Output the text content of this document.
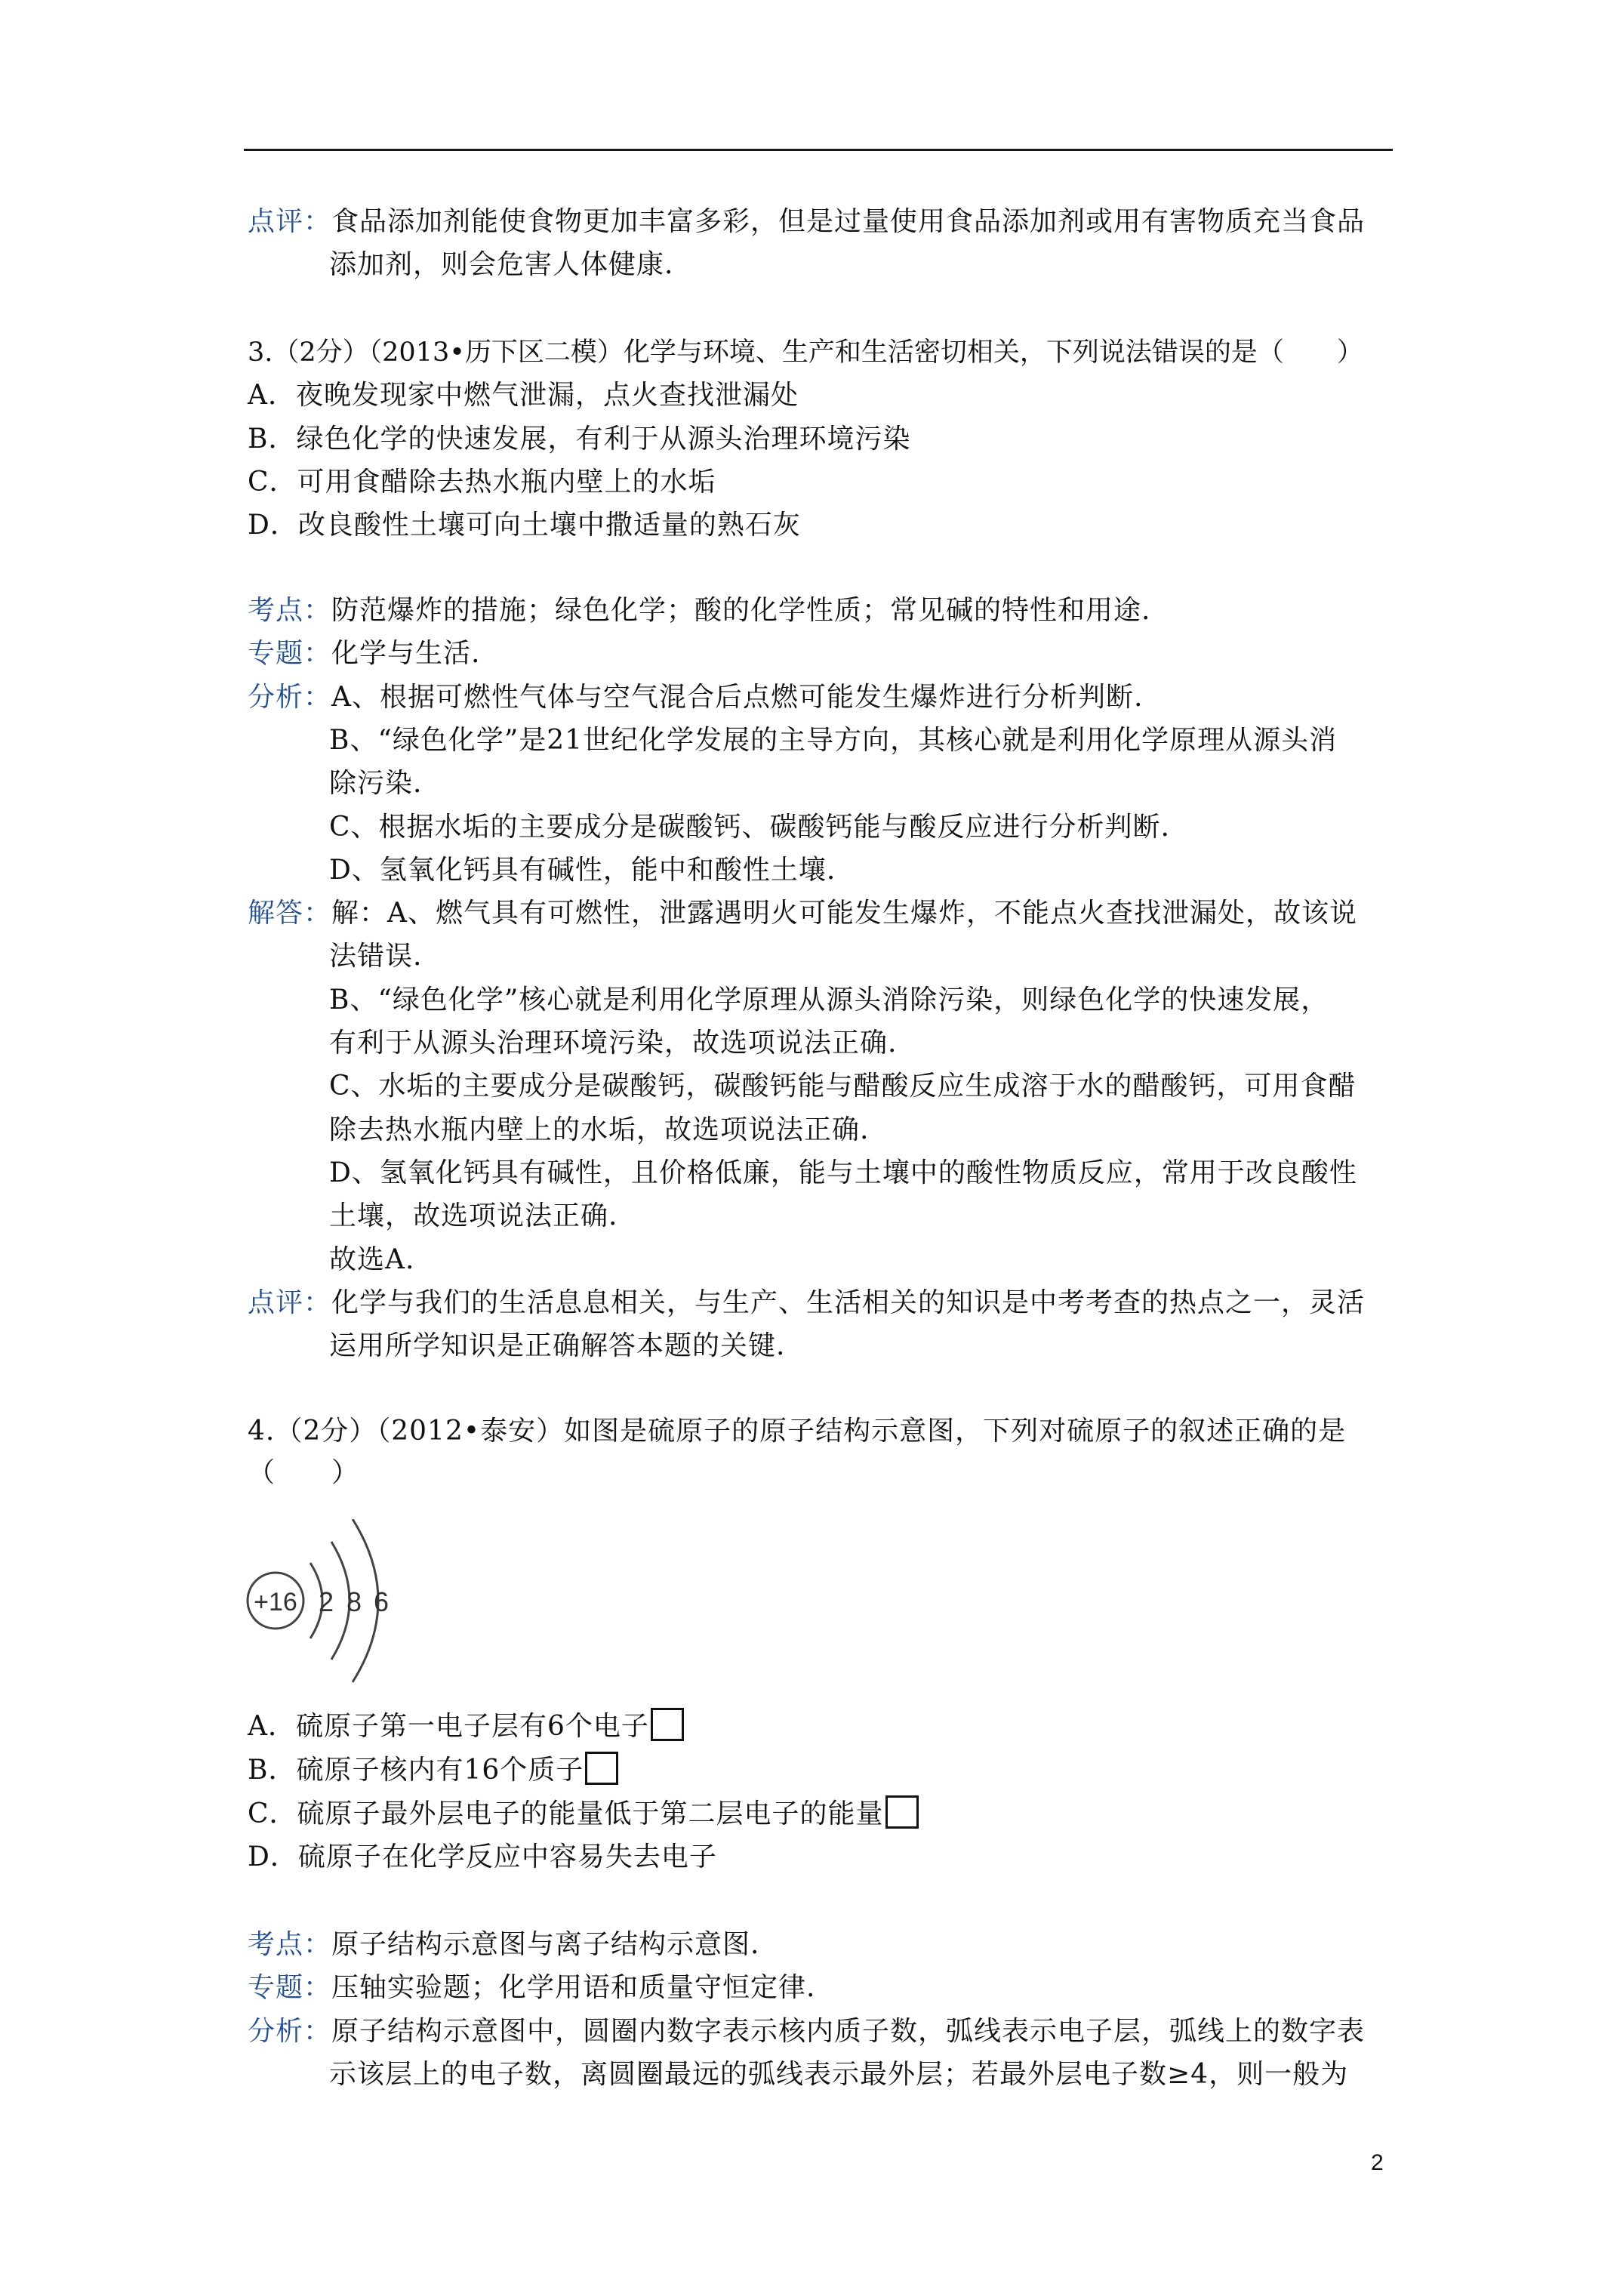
点评：食品添加剂能使食物更加丰富多彩，但是过量使用食品添加剂或用有害物质充当食品
添加剂，则会危害人体健康.
3.（2分）（2013•历下区二模）化学与环境、生产和生活密切相关，下列说法错误的是（　　）
A．夜晚发现家中燃气泄漏，点火查找泄漏处
B．绿色化学的快速发展，有利于从源头治理环境污染
C．可用食醋除去热水瓶内壁上的水垢
D．改良酸性土壤可向土壤中撒适量的熟石灰
考点：防范爆炸的措施；绿色化学；酸的化学性质；常见碱的特性和用途.
专题：化学与生活.
分析：A、根据可燃性气体与空气混合后点燃可能发生爆炸进行分析判断.
B、“绿色化学”是21世纪化学发展的主导方向，其核心就是利用化学原理从源头消
除污染.
C、根据水垢的主要成分是碳酸钙、碳酸钙能与酸反应进行分析判断.
D、氢氧化钙具有碱性，能中和酸性土壤.
解答：解：A、燃气具有可燃性，泄露遇明火可能发生爆炸，不能点火查找泄漏处，故该说
法错误.
B、“绿色化学”核心就是利用化学原理从源头消除污染，则绿色化学的快速发展，
有利于从源头治理环境污染，故选项说法正确.
C、水垢的主要成分是碳酸钙，碳酸钙能与醋酸反应生成溶于水的醋酸钙，可用食醋
除去热水瓶内壁上的水垢，故选项说法正确.
D、氢氧化钙具有碱性，且价格低廉，能与土壤中的酸性物质反应，常用于改良酸性
土壤，故选项说法正确.
故选A.
点评：化学与我们的生活息息相关，与生产、生活相关的知识是中考考查的热点之一，灵活
运用所学知识是正确解答本题的关键.
4.（2分）（2012•泰安）如图是硫原子的原子结构示意图，下列对硫原子的叙述正确的是
（　　）
+16 2 8 6
A．硫原子第一电子层有6个电子
B．硫原子核内有16个质子
C．硫原子最外层电子的能量低于第二层电子的能量
D．硫原子在化学反应中容易失去电子
考点：原子结构示意图与离子结构示意图.
专题：压轴实验题；化学用语和质量守恒定律.
分析：原子结构示意图中，圆圈内数字表示核内质子数，弧线表示电子层，弧线上的数字表
示该层上的电子数，离圆圈最远的弧线表示最外层；若最外层电子数≥4，则一般为
2
